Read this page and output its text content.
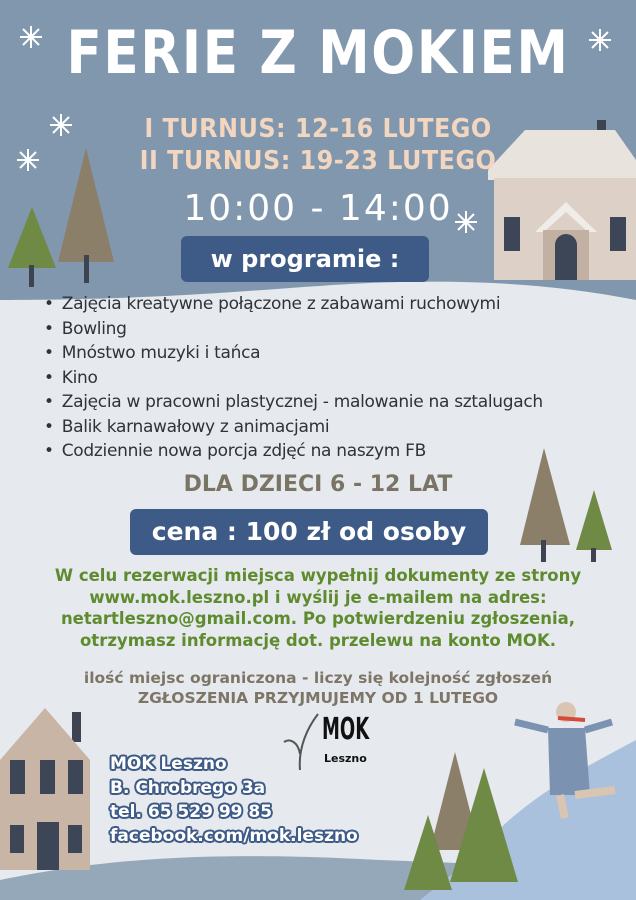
FERIE Z MOKIEM
I TURNUS: 12-16 LUTEGO
II TURNUS: 19-23 LUTEGO
10:00 - 14:00
w programie :
• Zajęcia kreatywne połączone z zabawami ruchowymi
• Bowling
• Mnóstwo muzyki i tańca
• Kino
• Zajęcia w pracowni plastycznej - malowanie na sztalugach
• Balik karnawałowy z animacjami
• Codziennie nowa porcja zdjęć na naszym FB
DLA DZIECI 6 - 12 LAT
cena : 100 zł od osoby
W celu rezerwacji miejsca wypełnij dokumenty ze strony
www.mok.leszno.pl i wyślij je e-mailem na adres:
netartleszno@gmail.com. Po potwierdzeniu zgłoszenia,
otrzymasz informację dot. przelewu na konto MOK.
ilość miejsc ograniczona - liczy się kolejność zgłoszeń
ZGŁOSZENIA PRZYJMUJEMY OD 1 LUTEGO
MOK
Leszno
MOK Leszno
B. Chrobrego 3a
tel. 65 529 99 85
facebook.com/mok.leszno
